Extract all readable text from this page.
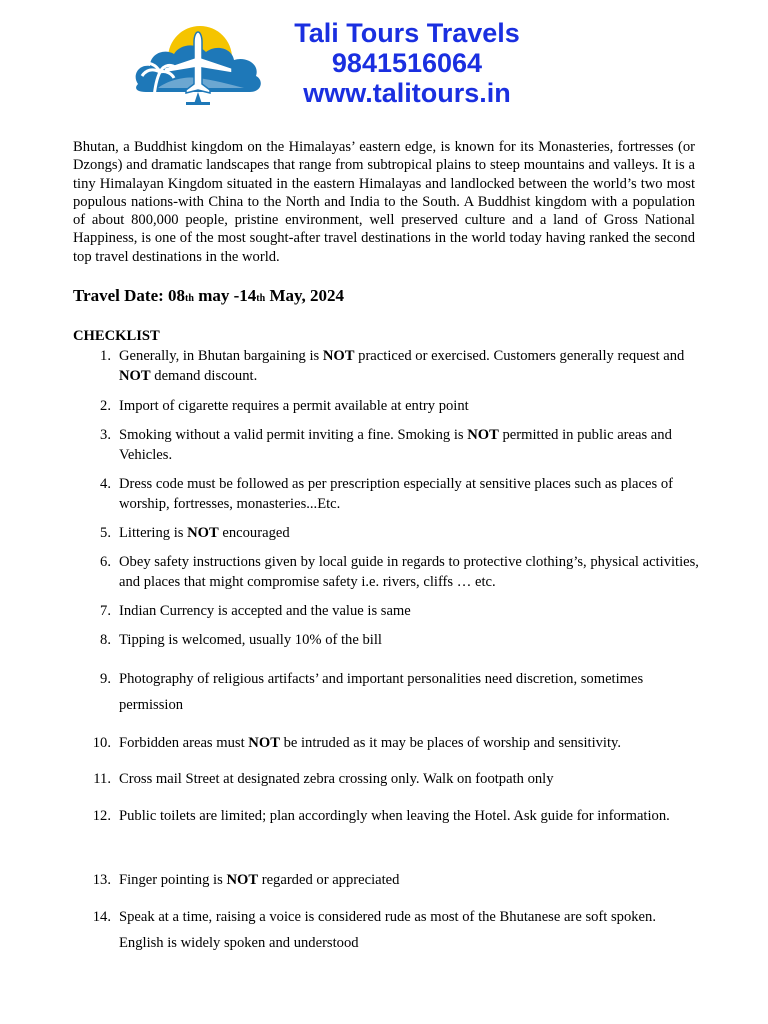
Tali Tours Travels
9841516064
www.talitours.in

Bhutan, a Buddhist kingdom on the Himalayas’ eastern edge, is known for its Monasteries, fortresses (or Dzongs) and dramatic landscapes that range from subtropical plains to steep mountains and valleys. It is a tiny Himalayan Kingdom situated in the eastern Himalayas and landlocked between the world’s two most populous nations-with China to the North and India to the South. A Buddhist kingdom with a population of about 800,000 people, pristine environment, well preserved culture and a land of Gross National Happiness, is one of the most sought-after travel destinations in the world today having ranked the second top travel destinations in the world.

Travel Date: 08th may -14th May, 2024
CHECKLIST
1. Generally, in Bhutan bargaining is NOT practiced or exercised. Customers generally request and NOT demand discount.
2. Import of cigarette requires a permit available at entry point
3. Smoking without a valid permit inviting a fine. Smoking is NOT permitted in public areas and Vehicles.
4. Dress code must be followed as per prescription especially at sensitive places such as places of worship, fortresses, monasteries...Etc.
5. Littering is NOT encouraged
6. Obey safety instructions given by local guide in regards to protective clothing’s, physical activities, and places that might compromise safety i.e. rivers, cliffs … etc.
7. Indian Currency is accepted and the value is same
8. Tipping is welcomed, usually 10% of the bill
9. Photography of religious artifacts’ and important personalities need discretion, sometimes permission
10. Forbidden areas must NOT be intruded as it may be places of worship and sensitivity.
11. Cross mail Street at designated zebra crossing only. Walk on footpath only
12. Public toilets are limited; plan accordingly when leaving the Hotel. Ask guide for information.
13. Finger pointing is NOT regarded or appreciated
14. Speak at a time, raising a voice is considered rude as most of the Bhutanese are soft spoken. English is widely spoken and understood
